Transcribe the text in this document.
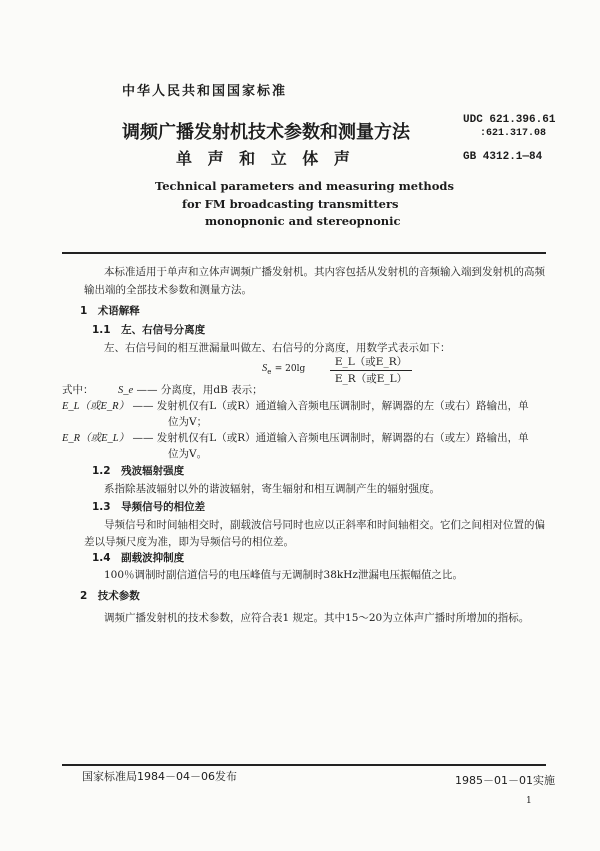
中华人民共和国国家标准
调频广播发射机技术参数和测量方法
单 声 和 立 体 声
Technical parameters and measuring methods
for FM broadcasting transmitters
monopnonic and stereopnonic
UDC 621.396.61
:621.317.08
GB 4312.1—84
本标准适用于单声和立体声调频广播发射机。其内容包括从发射机的音频输入端到发射机的高频
输出端的全部技术参数和测量方法。
1　术语解释
1.1　左、右信号分离度
左、右信号间的相互泄漏量叫做左、右信号的分离度，用数学式表示如下：
$S_e = 20\lg$
E_L（或E_R）
E_R（或E_L）
式中： S_e —— 分离度，用dB 表示；
E_L（或E_R） —— 发射机仅有L（或R）通道输入音频电压调制时，解调器的左（或右）路输出，单
位为V；
E_R（或E_L） —— 发射机仅有L（或R）通道输入音频电压调制时，解调器的右（或左）路输出，单
位为V。
1.2　残波辐射强度
系指除基波辐射以外的谐波辐射，寄生辐射和相互调制产生的辐射强度。
1.3　导频信号的相位差
导频信号和时间轴相交时，副载波信号同时也应以正斜率和时间轴相交。它们之间相对位置的偏
差以导频尺度为准，即为导频信号的相位差。
1.4　副载波抑制度
100％调制时副信道信号的电压峰值与无调制时38kHz泄漏电压振幅值之比。
2　技术参数
调频广播发射机的技术参数，应符合表1 规定。其中15～20为立体声广播时所增加的指标。
国家标准局1984－04－06发布	1985－01－01实施
1
